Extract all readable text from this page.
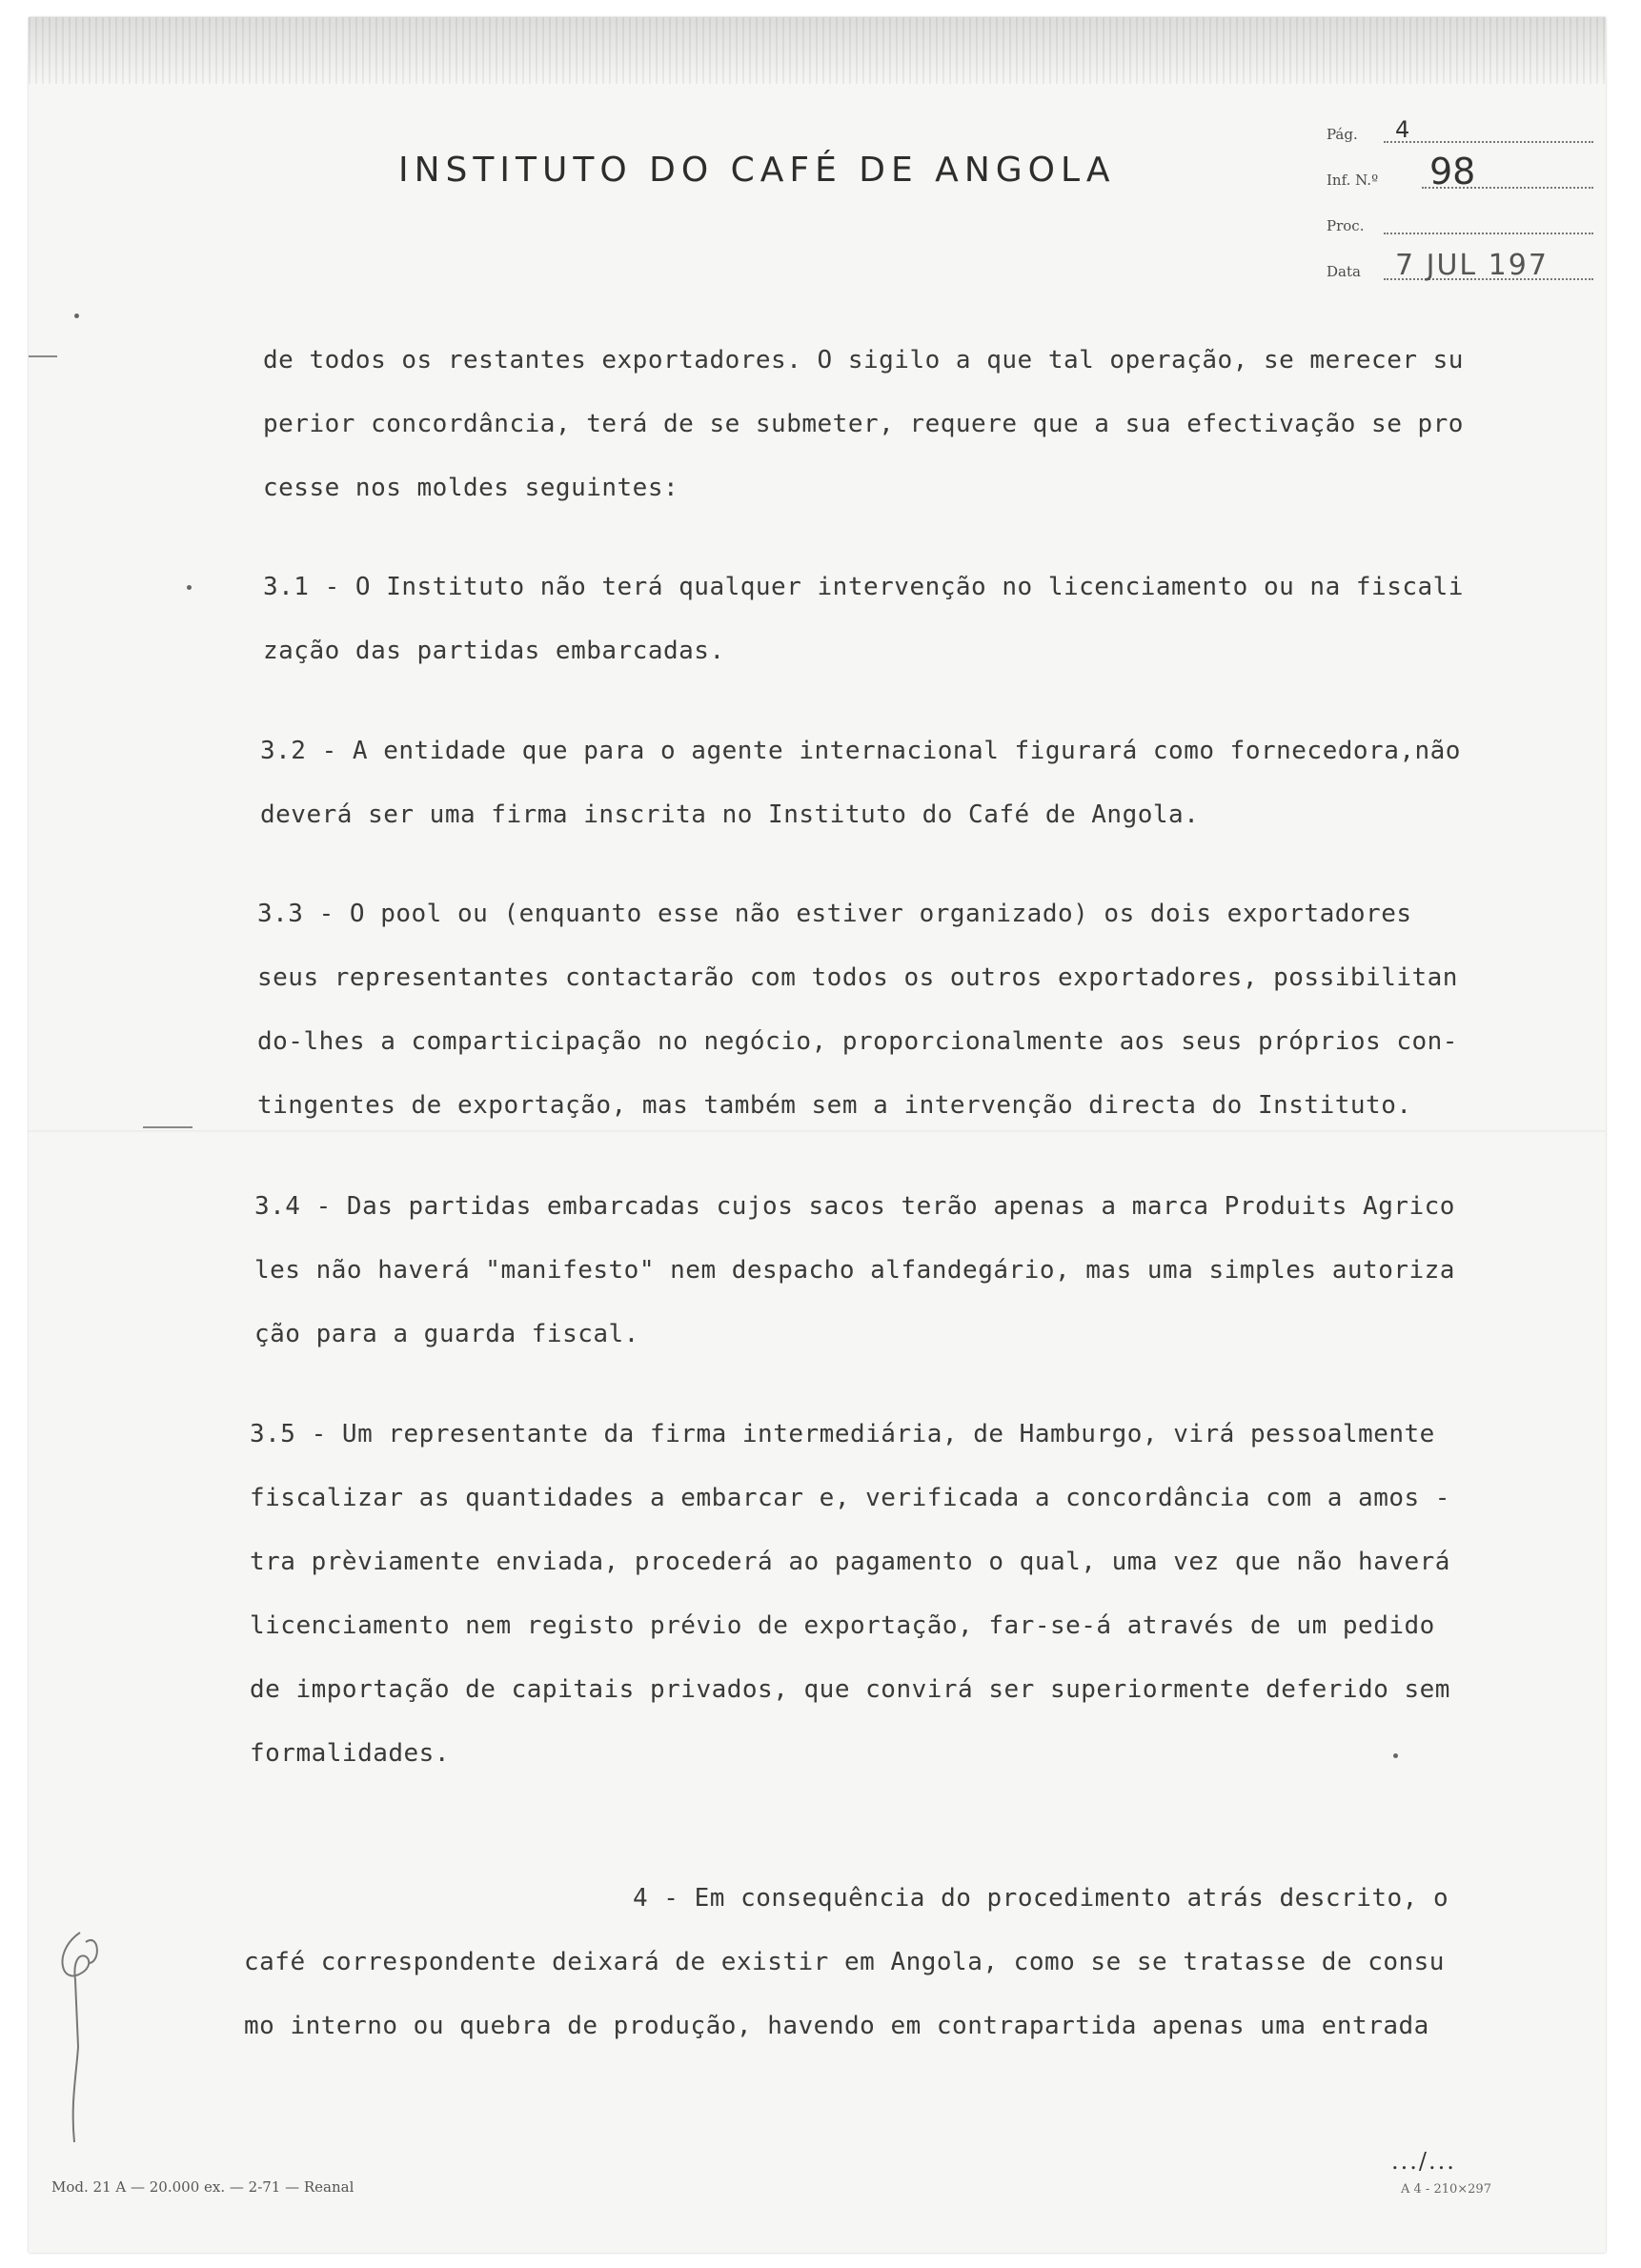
INSTITUTO DO CAFÉ DE ANGOLA
Pág. 4
Inf. N.º 98
Proc.
Data 7 JUL 197
de todos os restantes exportadores. O sigilo a que tal operação, se merecer su
perior concordância, terá de se submeter, requere que a sua efectivação se pro
cesse nos moldes seguintes:
3.1 - O Instituto não terá qualquer intervenção no licenciamento ou na fiscali
zação das partidas embarcadas.
3.2 - A entidade que para o agente internacional figurará como fornecedora,não
deverá ser uma firma inscrita no Instituto do Café de Angola.
3.3 - O pool ou (enquanto esse não estiver organizado) os dois exportadores
seus representantes contactarão com todos os outros exportadores, possibilitan
do-lhes a comparticipação no negócio, proporcionalmente aos seus próprios con-
tingentes de exportação, mas também sem a intervenção directa do Instituto.
3.4 - Das partidas embarcadas cujos sacos terão apenas a marca Produits Agrico
les não haverá "manifesto" nem despacho alfandegário, mas uma simples autoriza
ção para a guarda fiscal.
3.5 - Um representante da firma intermediária, de Hamburgo, virá pessoalmente
fiscalizar as quantidades a embarcar e, verificada a concordância com a amos -
tra prèviamente enviada, procederá ao pagamento o qual, uma vez que não haverá
licenciamento nem registo prévio de exportação, far-se-á através de um pedido
de importação de capitais privados, que convirá ser superiormente deferido sem
formalidades.
4 - Em consequência do procedimento atrás descrito, o
café correspondente deixará de existir em Angola, como se se tratasse de consu
mo interno ou quebra de produção, havendo em contrapartida apenas uma entrada
.../...
Mod. 21 A — 20.000 ex. — 2-71 — Reanal	A 4 - 210×297
